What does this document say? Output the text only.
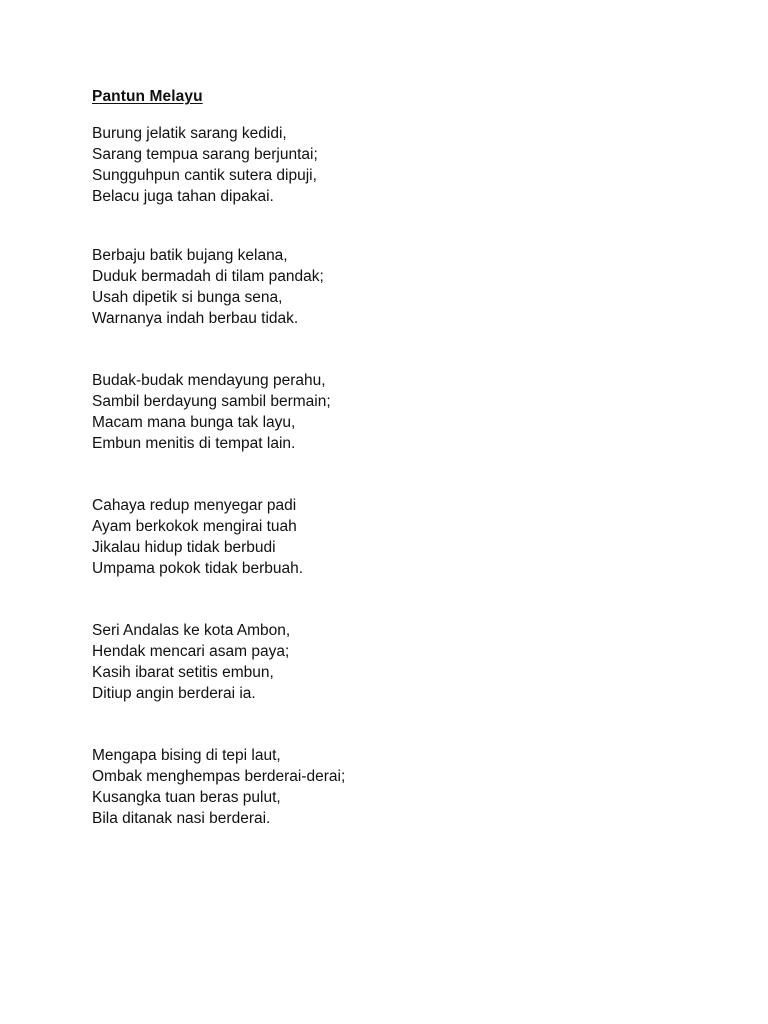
Pantun Melayu
Burung jelatik sarang kedidi,
Sarang tempua sarang berjuntai;
Sungguhpun cantik sutera dipuji,
Belacu juga tahan dipakai.
Berbaju batik bujang kelana,
Duduk bermadah di tilam pandak;
Usah dipetik si bunga sena,
Warnanya indah berbau tidak.
Budak-budak mendayung perahu,
Sambil berdayung sambil bermain;
Macam mana bunga tak layu,
Embun menitis di tempat lain.
Cahaya redup menyegar padi
Ayam berkokok mengirai tuah
Jikalau hidup tidak berbudi
Umpama pokok tidak berbuah.
Seri Andalas ke kota Ambon,
Hendak mencari asam paya;
Kasih ibarat setitis embun,
Ditiup angin berderai ia.
Mengapa bising di tepi laut,
Ombak menghempas berderai-derai;
Kusangka tuan beras pulut,
Bila ditanak nasi berderai.
